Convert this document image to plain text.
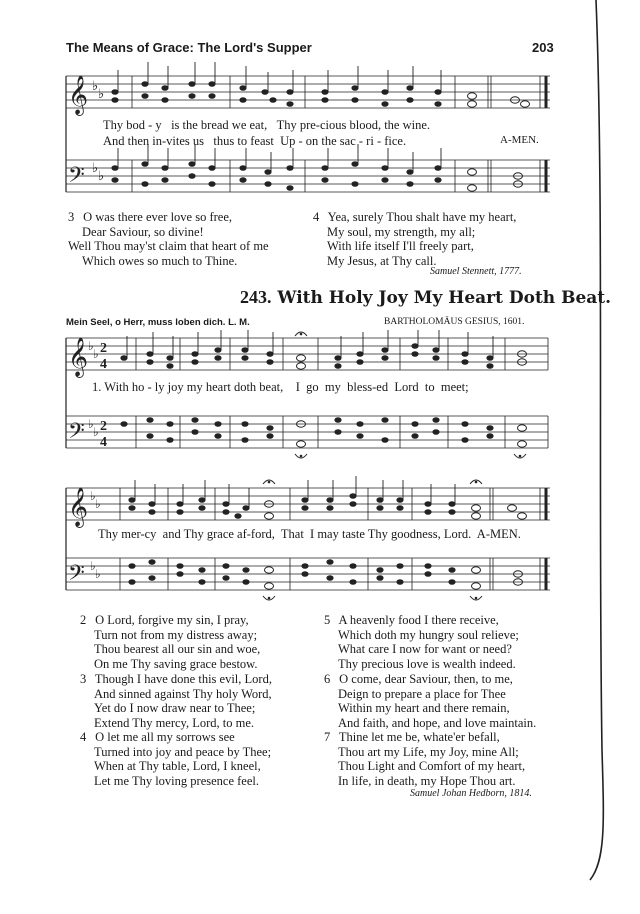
The Means of Grace: The Lord's Supper	203
𝄞
𝄢
♭
♭
♭
♭
Thy bod - y is the bread we eat, Thy pre-cious blood, the wine.
And then in-vites us thus to feast Up - on the sac - ri - fice.	A-MEN.
3 O was there ever love so free,
Dear Saviour, so divine!
Well Thou may'st claim that heart of me
Which owes so much to Thine.
4 Yea, surely Thou shalt have my heart,
My soul, my strength, my all;
With life itself I'll freely part,
My Jesus, at Thy call.
Samuel Stennett, 1777.
243. With Holy Joy My Heart Doth Beat.
Mein Seel, o Herr, muss loben dich. L. M.	BARTHOLOMÄUS GESIUS, 1601.
𝄞
𝄢
♭
♭
♭
♭
2
4
2
4
1. With ho - ly joy my heart doth beat,    I  go  my  bless-ed  Lord  to  meet;
𝄞
𝄢
♭
♭
♭
♭
Thy mer-cy  and Thy grace af-ford,  That  I may taste Thy goodness, Lord.  A-MEN.
2 O Lord, forgive my sin, I pray,
Turn not from my distress away;
Thou bearest all our sin and woe,
On me Thy saving grace bestow.
3 Though I have done this evil, Lord,
And sinned against Thy holy Word,
Yet do I now draw near to Thee;
Extend Thy mercy, Lord, to me.
4 O let me all my sorrows see
Turned into joy and peace by Thee;
When at Thy table, Lord, I kneel,
Let me Thy loving presence feel.
5 A heavenly food I there receive,
Which doth my hungry soul relieve;
What care I now for want or need?
Thy precious love is wealth indeed.
6 O come, dear Saviour, then, to me,
Deign to prepare a place for Thee
Within my heart and there remain,
And faith, and hope, and love maintain.
7 Thine let me be, whate'er befall,
Thou art my Life, my Joy, mine All;
Thou Light and Comfort of my heart,
In life, in death, my Hope Thou art.
Samuel Johan Hedborn, 1814.
